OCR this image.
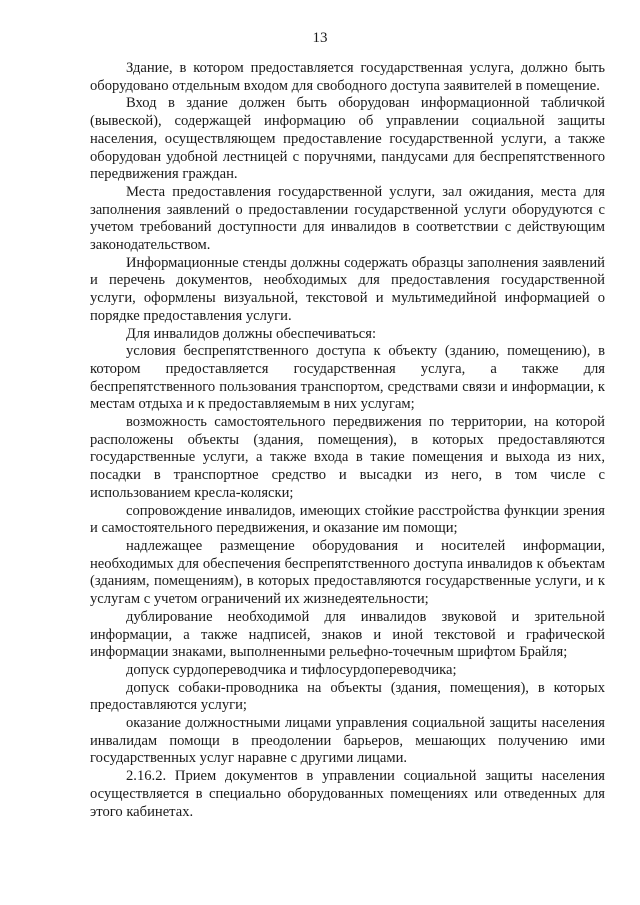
13

Здание, в котором предоставляется государственная услуга, должно быть оборудовано отдельным входом для свободного доступа заявителей в помещение.

Вход в здание должен быть оборудован информационной табличкой (вывеской), содержащей информацию об управлении социальной защиты населения, осуществляющем предоставление государственной услуги, а также оборудован удобной лестницей с поручнями, пандусами для беспрепятственного передвижения граждан.

Места предоставления государственной услуги, зал ожидания, места для заполнения заявлений о предоставлении государственной услуги оборудуются с учетом требований доступности для инвалидов в соответствии с действующим законодательством.

Информационные стенды должны содержать образцы заполнения заявлений и перечень документов, необходимых для предоставления государственной услуги, оформлены визуальной, текстовой и мультимедийной информацией о порядке предоставления услуги.

Для инвалидов должны обеспечиваться:

условия беспрепятственного доступа к объекту (зданию, помещению), в котором предоставляется государственная услуга, а также для беспрепятственного пользования транспортом, средствами связи и информации, к местам отдыха и к предоставляемым в них услугам;

возможность самостоятельного передвижения по территории, на которой расположены объекты (здания, помещения), в которых предоставляются государственные услуги, а также входа в такие помещения и выхода из них, посадки в транспортное средство и высадки из него, в том числе с использованием кресла-коляски;

сопровождение инвалидов, имеющих стойкие расстройства функции зрения и самостоятельного передвижения, и оказание им помощи;

надлежащее размещение оборудования и носителей информации, необходимых для обеспечения беспрепятственного доступа инвалидов к объектам (зданиям, помещениям), в которых предоставляются государственные услуги, и к услугам с учетом ограничений их жизнедеятельности;

дублирование необходимой для инвалидов звуковой и зрительной информации, а также надписей, знаков и иной текстовой и графической информации знаками, выполненными рельефно-точечным шрифтом Брайля;

допуск сурдопереводчика и тифлосурдопереводчика;

допуск собаки-проводника на объекты (здания, помещения), в которых предоставляются услуги;

оказание должностными лицами управления социальной защиты населения инвалидам помощи в преодолении барьеров, мешающих получению ими государственных услуг наравне с другими лицами.

2.16.2. Прием документов в управлении социальной защиты населения осуществляется в специально оборудованных помещениях или отведенных для этого кабинетах.
